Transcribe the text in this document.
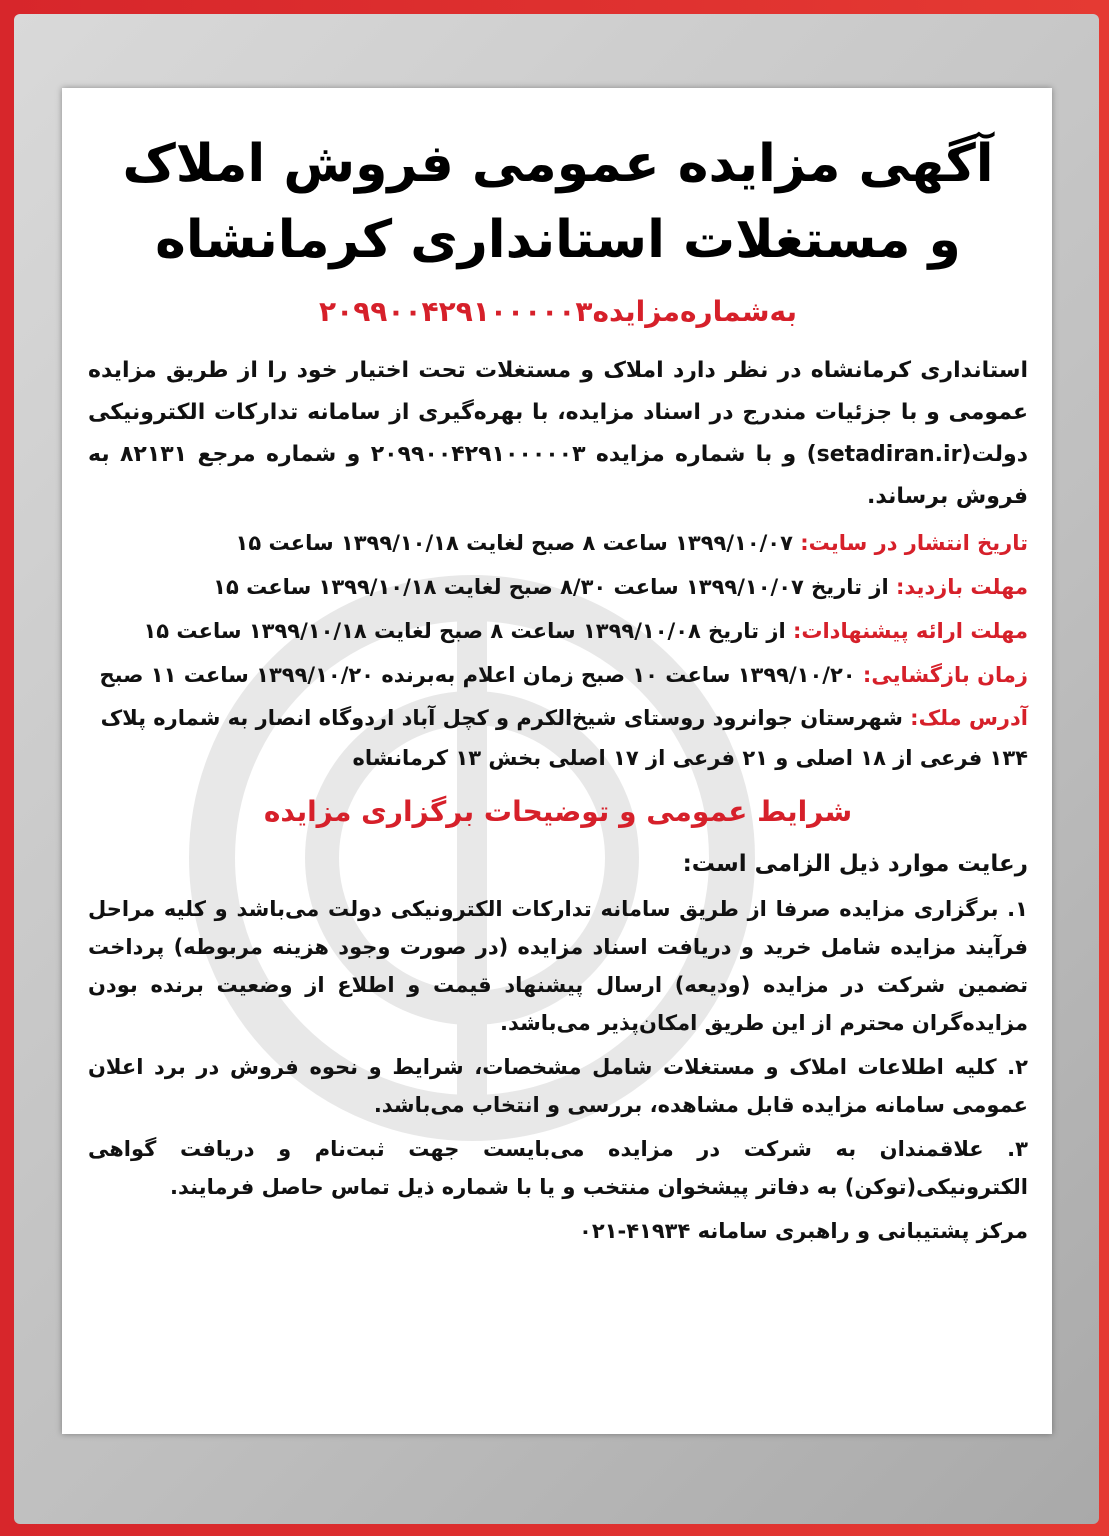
آگهی مزایده عمومی فروش املاک
و مستغلات استانداری کرمانشاه
به‌شماره‌مزایده۲۰۹۹۰۰۴۲۹۱۰۰۰۰۰۳

استانداری کرمانشاه در نظر دارد املاک و مستغلات تحت اختیار خود را از طریق مزایده عمومی و با جزئیات مندرج در اسناد مزایده، با بهره‌گیری از سامانه تدارکات الکترونیکی دولت(setadiran.ir) و با شماره مزایده ۲۰۹۹۰۰۴۲۹۱۰۰۰۰۰۳ و شماره مرجع ۸۲۱۳۱ به فروش برساند.

تاریخ انتشار در سایت: ۱۳۹۹/۱۰/۰۷ ساعت ۸ صبح لغایت ۱۳۹۹/۱۰/۱۸ ساعت ۱۵
مهلت بازدید: از تاریخ ۱۳۹۹/۱۰/۰۷ ساعت ۸/۳۰ صبح لغایت ۱۳۹۹/۱۰/۱۸ ساعت ۱۵
مهلت ارائه پیشنهادات: از تاریخ ۱۳۹۹/۱۰/۰۸ ساعت ۸ صبح لغایت ۱۳۹۹/۱۰/۱۸ ساعت ۱۵
زمان بازگشایی: ۱۳۹۹/۱۰/۲۰ ساعت ۱۰ صبح زمان اعلام به‌برنده ۱۳۹۹/۱۰/۲۰ ساعت ۱۱ صبح

آدرس ملک: شهرستان جوانرود روستای شیخ‌الکرم و کچل آباد اردوگاه انصار به شماره پلاک ۱۳۴ فرعی از ۱۸ اصلی و ۲۱ فرعی از ۱۷ اصلی بخش ۱۳ کرمانشاه

شرایط عمومی و توضیحات برگزاری مزایده
رعایت موارد ذیل الزامی است:

۱. برگزاری مزایده صرفا از طریق سامانه تدارکات الکترونیکی دولت می‌باشد و کلیه مراحل فرآیند مزایده شامل خرید و دریافت اسناد مزایده (در صورت وجود هزینه مربوطه) پرداخت تضمین شرکت در مزایده (ودیعه) ارسال پیشنهاد قیمت و اطلاع از وضعیت برنده بودن مزایده‌گران محترم از این طریق امکان‌پذیر می‌باشد.

۲. کلیه اطلاعات املاک و مستغلات شامل مشخصات، شرایط و نحوه فروش در برد اعلان عمومی سامانه مزایده قابل مشاهده، بررسی و انتخاب می‌باشد.

۳. علاقمندان به شرکت در مزایده می‌بایست جهت ثبت‌نام و دریافت گواهی الکترونیکی(توکن) به دفاتر پیشخوان منتخب و یا با شماره ذیل تماس حاصل فرمایند.

مرکز پشتیبانی و راهبری سامانه ۴۱۹۳۴-۰۲۱
